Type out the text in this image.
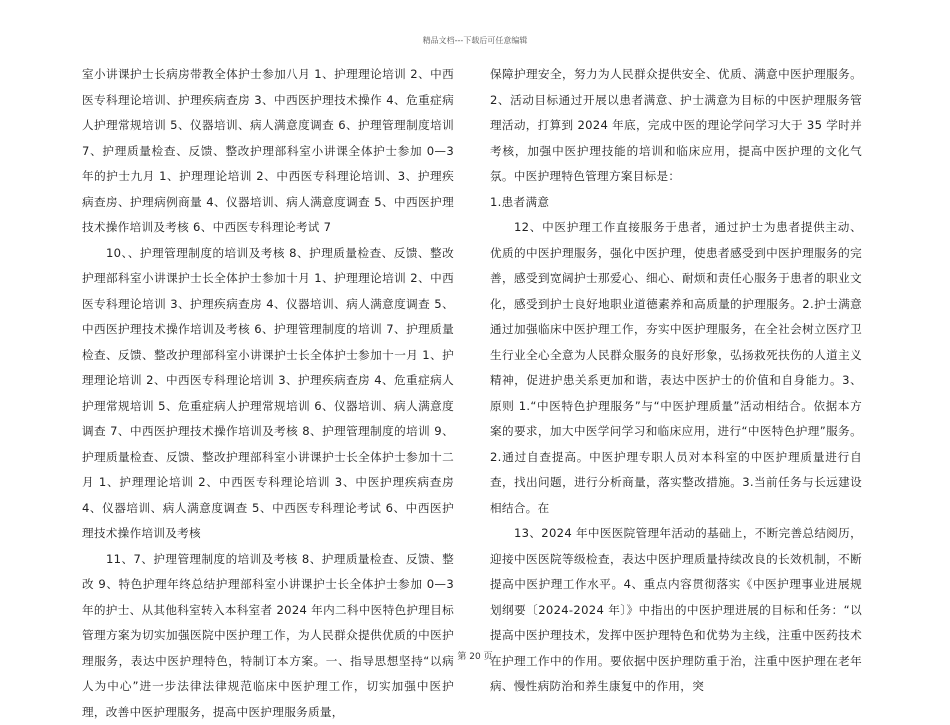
精品文档---下载后可任意编辑

室小讲课护士长病房带教全体护士参加八月 1、护理理论培训 2、中西医专科理论培训、护理疾病查房 3、中西医护理技术操作 4、危重症病人护理常规培训 5、仪器培训、病人满意度调查 6、护理管理制度培训 7、护理质量检查、反馈、整改护理部科室小讲课全体护士参加 0—3 年的护士九月 1、护理理论培训 2、中西医专科理论培训、3、护理疾病查房、护理病例商量 4、仪器培训、病人满意度调查 5、中西医护理技术操作培训及考核 6、中西医专科理论考试 7

10、、护理管理制度的培训及考核 8、护理质量检查、反馈、整改护理部科室小讲课护士长全体护士参加十月 1、护理理论培训 2、中西医专科理论培训 3、护理疾病查房 4、仪器培训、病人满意度调查 5、中西医护理技术操作培训及考核 6、护理管理制度的培训 7、护理质量检查、反馈、整改护理部科室小讲课护士长全体护士参加十一月 1、护理理论培训 2、中西医专科理论培训 3、护理疾病查房 4、危重症病人护理常规培训 5、危重症病人护理常规培训 6、仪器培训、病人满意度调查 7、中西医护理技术操作培训及考核 8、护理管理制度的培训 9、护理质量检查、反馈、整改护理部科室小讲课护士长全体护士参加十二月 1、护理理论培训 2、中西医专科理论培训 3、中医护理疾病查房 4、仪器培训、病人满意度调查 5、中西医专科理论考试 6、中西医护理技术操作培训及考核

11、7、护理管理制度的培训及考核 8、护理质量检查、反馈、整改 9、特色护理年终总结护理部科室小讲课护士长全体护士参加 0—3 年的护士、从其他科室转入本科室者 2024 年内二科中医特色护理目标管理方案为切实加强医院中医护理工作，为人民群众提供优质的中医护理服务，表达中医护理特色，特制订本方案。一、指导思想坚持“以病人为中心”进一步法律法律规范临床中医护理工作，切实加强中医护理，改善中医护理服务，提高中医护理服务质量，

保障护理安全，努力为人民群众提供安全、优质、满意中医护理服务。2、活动目标通过开展以患者满意、护士满意为目标的中医护理服务管理活动，打算到 2024 年底，完成中医的理论学问学习大于 35 学时并考核，加强中医护理技能的培训和临床应用，提高中医护理的文化气氛。中医护理特色管理方案目标是：

1.患者满意

12、中医护理工作直接服务于患者，通过护士为患者提供主动、优质的中医护理服务，强化中医护理，使患者感受到中医护理服务的完善，感受到宽阔护士那爱心、细心、耐烦和责任心服务于患者的职业文化，感受到护士良好地职业道德素养和高质量的护理服务。2.护士满意通过加强临床中医护理工作，夯实中医护理服务，在全社会树立医疗卫生行业全心全意为人民群众服务的良好形象，弘扬救死扶伤的人道主义精神，促进护患关系更加和谐，表达中医护士的价值和自身能力。3、原则 1.“中医特色护理服务”与“中医护理质量”活动相结合。依据本方案的要求，加大中医学问学习和临床应用，进行“中医特色护理”服务。2.通过自查提高。中医护理专职人员对本科室的中医护理质量进行自查，找出问题，进行分析商量，落实整改措施。3.当前任务与长远建设相结合。在

13、2024 年中医医院管理年活动的基础上，不断完善总结阅历，迎接中医医院等级检查，表达中医护理质量持续改良的长效机制，不断提高中医护理工作水平。4、重点内容贯彻落实《中医护理事业进展规划纲要〔2024-2024 年〕》中指出的中医护理进展的目标和任务：“以提高中医护理技术，发挥中医护理特色和优势为主线，注重中医药技术在护理工作中的作用。要依据中医护理防重于治，注重中医护理在老年病、慢性病防治和养生康复中的作用，突

第 20 页
